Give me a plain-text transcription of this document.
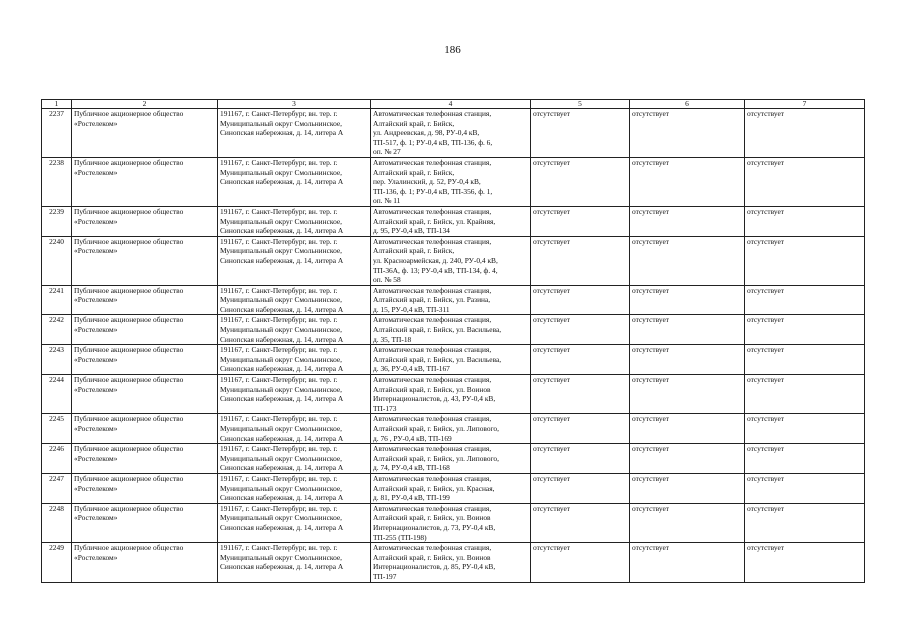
186
1	2	3	4	5	6	7
2237	Публичное акционерное общество
«Ростелеком»	191167, г. Санкт-Петербург, вн. тер. г.
Муниципальный округ Смольнинское,
Синопская набережная, д. 14, литера А	Автоматическая телефонная станция,
Алтайский край, г. Бийск,
ул. Андреевская, д. 98, РУ-0,4 кВ,
ТП-517, ф. 1; РУ-0,4 кВ, ТП-136, ф. 6,
оп. № 27	отсутствует	отсутствует	отсутствует
2238	Публичное акционерное общество
«Ростелеком»	191167, г. Санкт-Петербург, вн. тер. г.
Муниципальный округ Смольнинское,
Синопская набережная, д. 14, литера А	Автоматическая телефонная станция,
Алтайский край, г. Бийск,
пер. Улалинский, д. 52, РУ-0,4 кВ,
ТП-136, ф. 1; РУ-0,4 кВ, ТП-356, ф. 1,
оп. № 11	отсутствует	отсутствует	отсутствует
2239	Публичное акционерное общество
«Ростелеком»	191167, г. Санкт-Петербург, вн. тер. г.
Муниципальный округ Смольнинское,
Синопская набережная, д. 14, литера А	Автоматическая телефонная станция,
Алтайский край, г. Бийск, ул. Крайняя,
д. 95, РУ-0,4 кВ, ТП-134	отсутствует	отсутствует	отсутствует
2240	Публичное акционерное общество
«Ростелеком»	191167, г. Санкт-Петербург, вн. тер. г.
Муниципальный округ Смольнинское,
Синопская набережная, д. 14, литера А	Автоматическая телефонная станция,
Алтайский край, г. Бийск,
ул. Красноармейская, д. 240, РУ-0,4 кВ,
ТП-36А, ф. 13; РУ-0,4 кВ, ТП-134, ф. 4,
оп. № 58	отсутствует	отсутствует	отсутствует
2241	Публичное акционерное общество
«Ростелеком»	191167, г. Санкт-Петербург, вн. тер. г.
Муниципальный округ Смольнинское,
Синопская набережная, д. 14, литера А	Автоматическая телефонная станция,
Алтайский край, г. Бийск, ул. Разина,
д. 15, РУ-0,4 кВ, ТП-311	отсутствует	отсутствует	отсутствует
2242	Публичное акционерное общество
«Ростелеком»	191167, г. Санкт-Петербург, вн. тер. г.
Муниципальный округ Смольнинское,
Синопская набережная, д. 14, литера А	Автоматическая телефонная станция,
Алтайский край, г. Бийск, ул. Васильева,
д. 35, ТП-18	отсутствует	отсутствует	отсутствует
2243	Публичное акционерное общество
«Ростелеком»	191167, г. Санкт-Петербург, вн. тер. г.
Муниципальный округ Смольнинское,
Синопская набережная, д. 14, литера А	Автоматическая телефонная станция,
Алтайский край, г. Бийск, ул. Васильева,
д. 36, РУ-0,4 кВ, ТП-167	отсутствует	отсутствует	отсутствует
2244	Публичное акционерное общество
«Ростелеком»	191167, г. Санкт-Петербург, вн. тер. г.
Муниципальный округ Смольнинское,
Синопская набережная, д. 14, литера А	Автоматическая телефонная станция,
Алтайский край, г. Бийск, ул. Воинов
Интернационалистов, д. 43, РУ-0,4 кВ,
ТП-173	отсутствует	отсутствует	отсутствует
2245	Публичное акционерное общество
«Ростелеком»	191167, г. Санкт-Петербург, вн. тер. г.
Муниципальный округ Смольнинское,
Синопская набережная, д. 14, литера А	Автоматическая телефонная станция,
Алтайский край, г. Бийск, ул. Липового,
д. 76 , РУ-0,4 кВ, ТП-169	отсутствует	отсутствует	отсутствует
2246	Публичное акционерное общество
«Ростелеком»	191167, г. Санкт-Петербург, вн. тер. г.
Муниципальный округ Смольнинское,
Синопская набережная, д. 14, литера А	Автоматическая телефонная станция,
Алтайский край, г. Бийск, ул. Липового,
д. 74, РУ-0,4 кВ, ТП-168	отсутствует	отсутствует	отсутствует
2247	Публичное акционерное общество
«Ростелеком»	191167, г. Санкт-Петербург, вн. тер. г.
Муниципальный округ Смольнинское,
Синопская набережная, д. 14, литера А	Автоматическая телефонная станция,
Алтайский край, г. Бийск, ул. Красная,
д. 81, РУ-0,4 кВ, ТП-199	отсутствует	отсутствует	отсутствует
2248	Публичное акционерное общество
«Ростелеком»	191167, г. Санкт-Петербург, вн. тер. г.
Муниципальный округ Смольнинское,
Синопская набережная, д. 14, литера А	Автоматическая телефонная станция,
Алтайский край, г. Бийск, ул. Воинов
Интернационалистов, д. 73, РУ-0,4 кВ,
ТП-255 (ТП-198)	отсутствует	отсутствует	отсутствует
2249	Публичное акционерное общество
«Ростелеком»	191167, г. Санкт-Петербург, вн. тер. г.
Муниципальный округ Смольнинское,
Синопская набережная, д. 14, литера А	Автоматическая телефонная станция,
Алтайский край, г. Бийск, ул. Воинов
Интернационалистов, д. 85, РУ-0,4 кВ,
ТП-197	отсутствует	отсутствует	отсутствует
